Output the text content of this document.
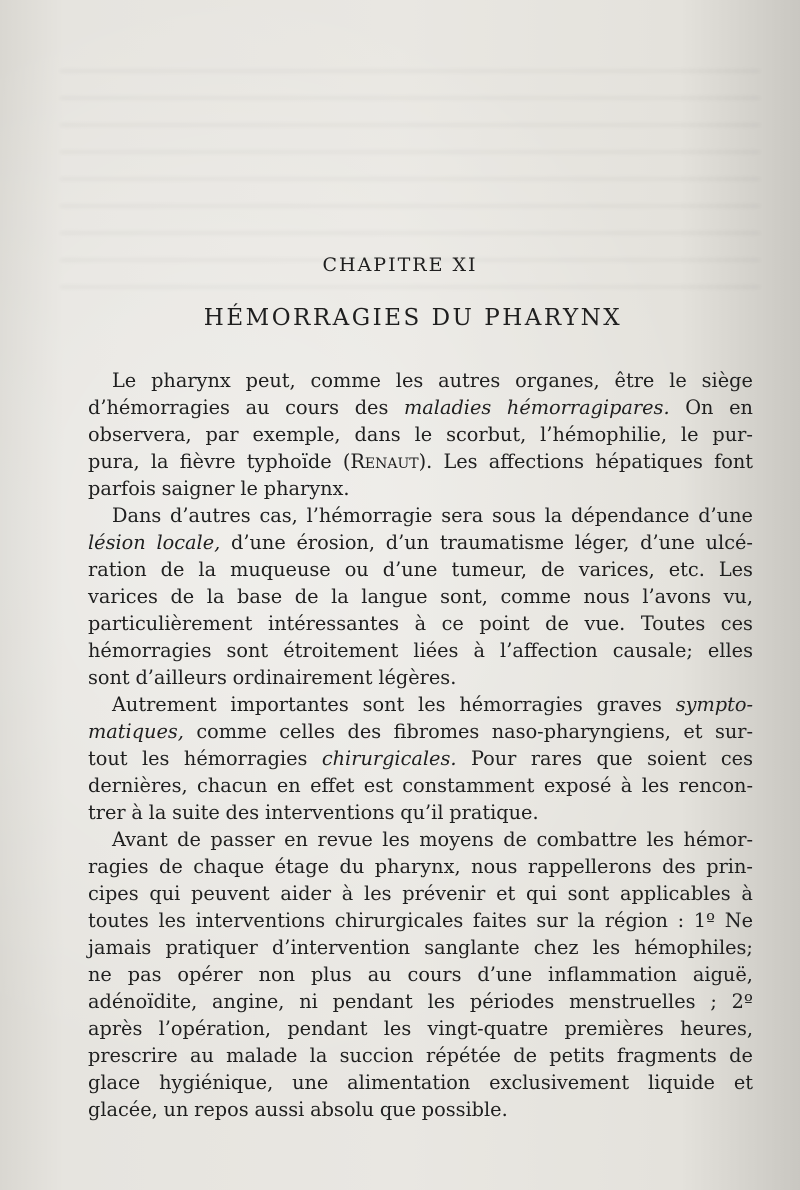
CHAPITRE XI
HÉMORRAGIES DU PHARYNX
Le pharynx peut, comme les autres organes, être le siège
d’hémorragies au cours des maladies hémorragipares. On en
observera, par exemple, dans le scorbut, l’hémophilie, le pur-
pura, la fièvre typhoïde (Renaut). Les affections hépatiques font
parfois saigner le pharynx.
Dans d’autres cas, l’hémorragie sera sous la dépendance d’une
lésion locale, d’une érosion, d’un traumatisme léger, d’une ulcé-
ration de la muqueuse ou d’une tumeur, de varices, etc. Les
varices de la base de la langue sont, comme nous l’avons vu,
particulièrement intéressantes à ce point de vue. Toutes ces
hémorragies sont étroitement liées à l’affection causale; elles
sont d’ailleurs ordinairement légères.
Autrement importantes sont les hémorragies graves sympto-
matiques, comme celles des fibromes naso-pharyngiens, et sur-
tout les hémorragies chirurgicales. Pour rares que soient ces
dernières, chacun en effet est constamment exposé à les rencon-
trer à la suite des interventions qu’il pratique.
Avant de passer en revue les moyens de combattre les hémor-
ragies de chaque étage du pharynx, nous rappellerons des prin-
cipes qui peuvent aider à les prévenir et qui sont applicables à
toutes les interventions chirurgicales faites sur la région : 1º Ne
jamais pratiquer d’intervention sanglante chez les hémophiles;
ne pas opérer non plus au cours d’une inflammation aiguë,
adénoïdite, angine, ni pendant les périodes menstruelles ; 2º
après l’opération, pendant les vingt-quatre premières heures,
prescrire au malade la succion répétée de petits fragments de
glace hygiénique, une alimentation exclusivement liquide et
glacée, un repos aussi absolu que possible.
